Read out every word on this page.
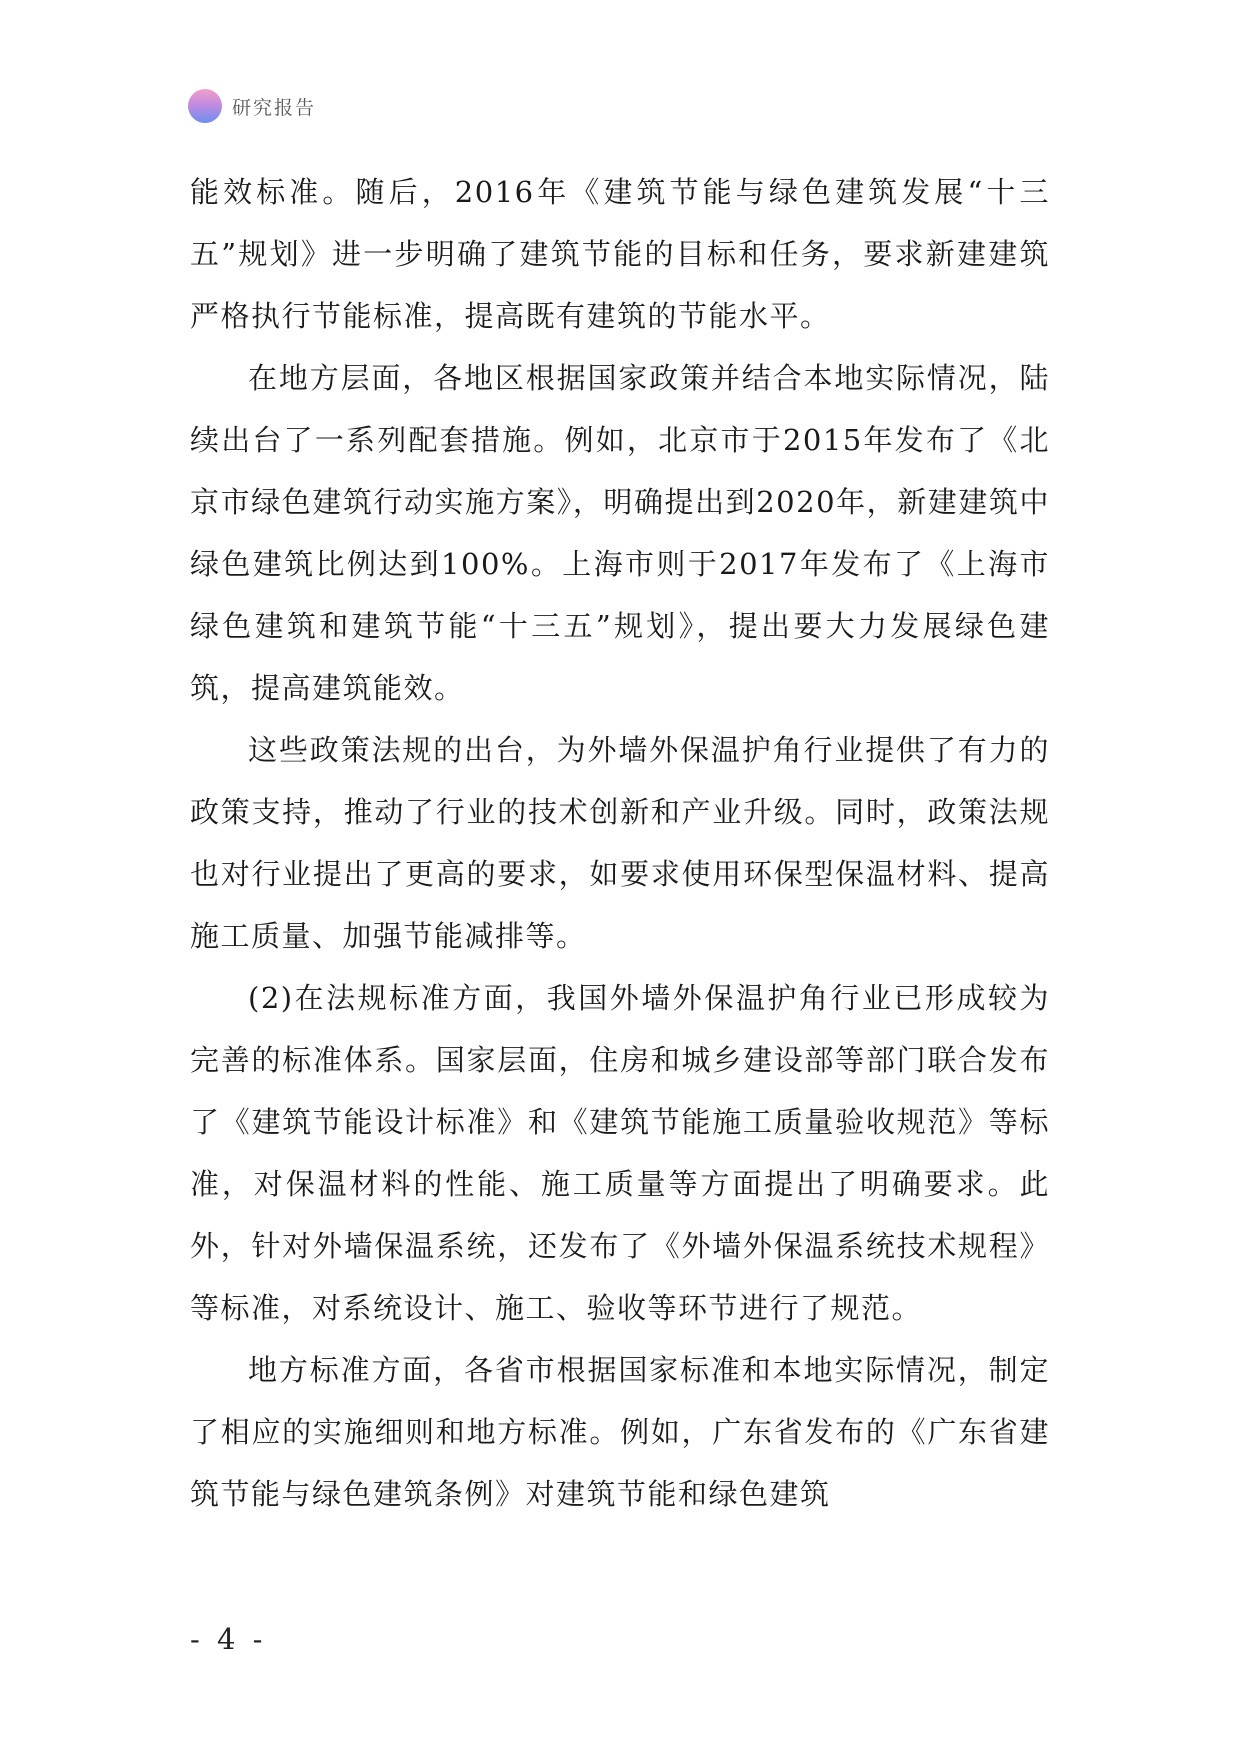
研究报告

能效标准。随后，2016年《建筑节能与绿色建筑发展“十三五”规划》进一步明确了建筑节能的目标和任务，要求新建建筑严格执行节能标准，提高既有建筑的节能水平。

在地方层面，各地区根据国家政策并结合本地实际情况，陆续出台了一系列配套措施。例如，北京市于2015年发布了《北京市绿色建筑行动实施方案》，明确提出到2020年，新建建筑中绿色建筑比例达到100%。上海市则于2017年发布了《上海市绿色建筑和建筑节能“十三五”规划》，提出要大力发展绿色建筑，提高建筑能效。

这些政策法规的出台，为外墙外保温护角行业提供了有力的政策支持，推动了行业的技术创新和产业升级。同时，政策法规也对行业提出了更高的要求，如要求使用环保型保温材料、提高施工质量、加强节能减排等。

(2)在法规标准方面，我国外墙外保温护角行业已形成较为完善的标准体系。国家层面，住房和城乡建设部等部门联合发布了《建筑节能设计标准》和《建筑节能施工质量验收规范》等标准，对保温材料的性能、施工质量等方面提出了明确要求。此外，针对外墙保温系统，还发布了《外墙外保温系统技术规程》等标准，对系统设计、施工、验收等环节进行了规范。

地方标准方面，各省市根据国家标准和本地实际情况，制定了相应的实施细则和地方标准。例如，广东省发布的《广东省建筑节能与绿色建筑条例》对建筑节能和绿色建筑

- 4 -
